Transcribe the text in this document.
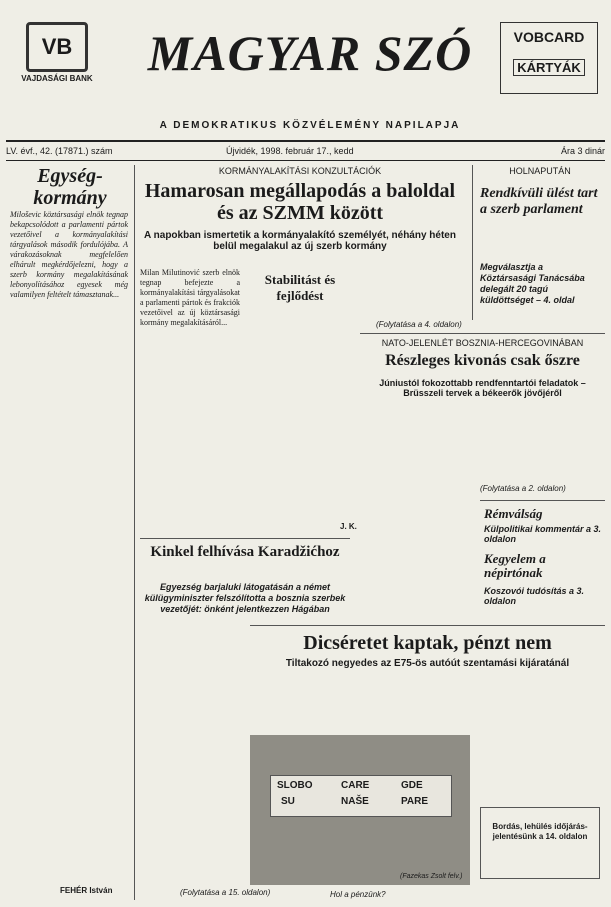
VB
VAJDASÁGI BANK MAGYAR SZÓ	VOBCARD
KÁRTYÁK
A DEMOKRATIKUS KÖZVÉLEMÉNY NAPILAPJA
LV. évf., 42. (17871.) szám	Újvidék, 1998. február 17., kedd	Ára 3 dinár
Egység-kormány
Miloševic köztársasági elnök tegnap bekapcsolódott a parlamenti pártok vezetőivel a kormányalakítási tárgyalások második fordulójába. A várakozásoknak megfelelően elhárult megkérdőjelezni, hogy a szerb kormány megalakításának lebonyolításához egyesek még valamilyen feltételt támasztanak...
FEHÉR István
KORMÁNYALAKÍTÁSI KONZULTÁCIÓK
Hamarosan megállapodás a baloldal és az SZMM között
A napokban ismertetik a kormányalakító személyét, néhány héten belül megalakul az új szerb kormány
Milan Milutinović szerb elnök tegnap befejezte a kormányalakítási tárgyalásokat a parlamenti pártok és frakciók vezetőivel az új köztársasági kormány megalakításáról...
Stabilitást és fejlődést
J. K.
(Folytatása a 4. oldalon)
HOLNAPUTÁN
Rendkívüli ülést tart a szerb parlament
Megválasztja a Köztársasági Tanácsába delegált 20 tagú küldöttséget – 4. oldal
NATO-JELENLÉT BOSZNIA-HERCEGOVINÁBAN
Részleges kivonás csak őszre
Júniustól fokozottabb rendfenntartói feladatok – Brüsszeli tervek a békeerők jövőjéről
(Folytatása a 2. oldalon)
Rémválság
Külpolitikai kommentár a 3. oldalon
Kegyelem a népirtónak
Koszovói tudósítás a 3. oldalon
Kinkel felhívása Karadžićhoz
Egyezség barjaluki látogatásán a német külügyminiszter felszólította a bosznia szerbek vezetőjét: önként jelentkezzen Hágában
Dicséretet kaptak, pénzt nem
Tiltakozó negyedes az E75-ös autóút szentamási kijáratánál
SLOBO	CARE	GDE
SU	NAŠE	PARE
(Fazekas Zsolt felv.)
Hol a pénzünk?
Bordás, lehülés időjárás-jelentésünk a 14. oldalon
(Folytatása a 15. oldalon)
